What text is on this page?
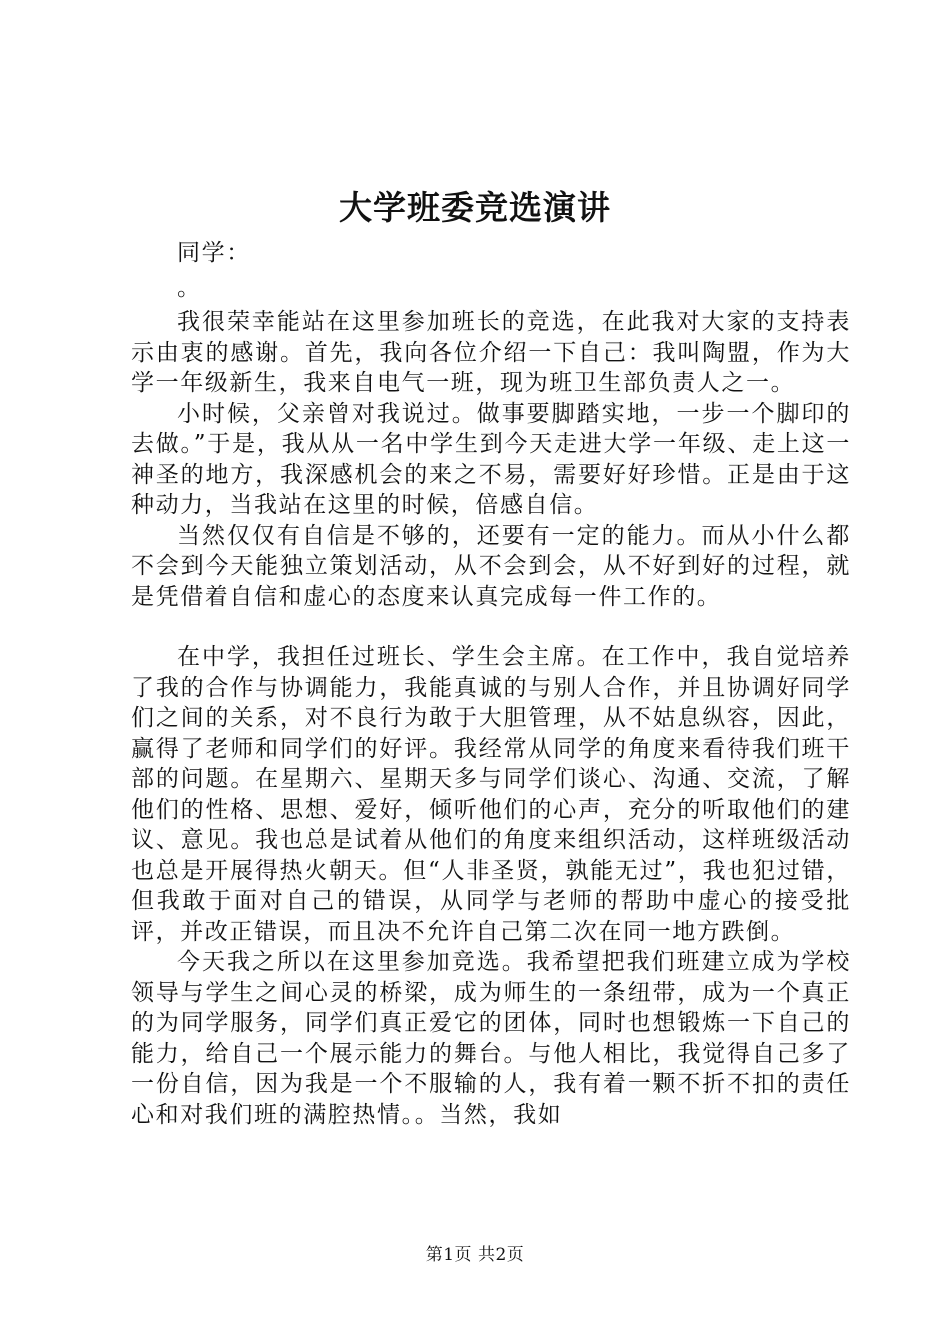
大学班委竞选演讲

同学：

。

我很荣幸能站在这里参加班长的竞选，在此我对大家的支持表示由衷的感谢。首先，我向各位介绍一下自己：我叫陶盟，作为大学一年级新生，我来自电气一班，现为班卫生部负责人之一。

小时候，父亲曾对我说过。做事要脚踏实地，一步一个脚印的去做。”于是，我从从一名中学生到今天走进大学一年级、走上这一神圣的地方，我深感机会的来之不易，需要好好珍惜。正是由于这种动力，当我站在这里的时候，倍感自信。

当然仅仅有自信是不够的，还要有一定的能力。而从小什么都不会到今天能独立策划活动，从不会到会，从不好到好的过程，就是凭借着自信和虚心的态度来认真完成每一件工作的。

在中学，我担任过班长、学生会主席。在工作中，我自觉培养了我的合作与协调能力，我能真诚的与别人合作，并且协调好同学们之间的关系，对不良行为敢于大胆管理，从不姑息纵容，因此，赢得了老师和同学们的好评。我经常从同学的角度来看待我们班干部的问题。在星期六、星期天多与同学们谈心、沟通、交流，了解他们的性格、思想、爱好，倾听他们的心声，充分的听取他们的建议、意见。我也总是试着从他们的角度来组织活动，这样班级活动也总是开展得热火朝天。但“人非圣贤，孰能无过”，我也犯过错，但我敢于面对自己的错误，从同学与老师的帮助中虚心的接受批评，并改正错误，而且决不允许自己第二次在同一地方跌倒。

今天我之所以在这里参加竞选。我希望把我们班建立成为学校领导与学生之间心灵的桥梁，成为师生的一条纽带，成为一个真正的为同学服务，同学们真正爱它的团体，同时也想锻炼一下自己的能力，给自己一个展示能力的舞台。与他人相比，我觉得自己多了一份自信，因为我是一个不服输的人，我有着一颗不折不扣的责任心和对我们班的满腔热情。。当然，我如

第1页 共2页
